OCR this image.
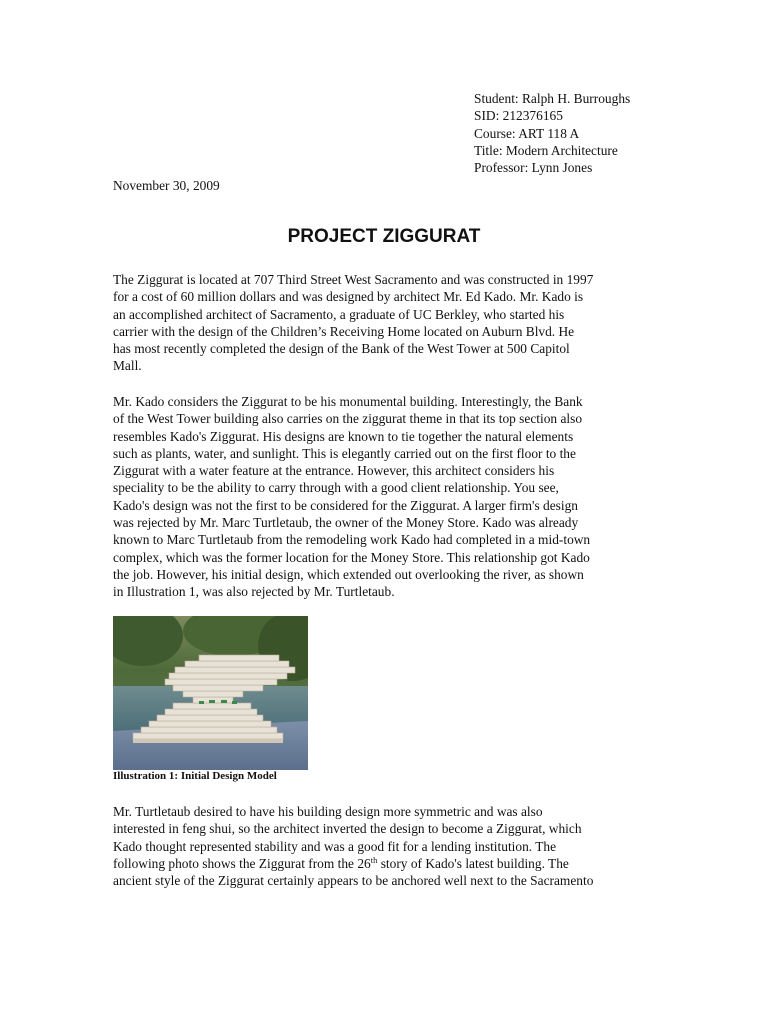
Student: Ralph H. Burroughs
SID: 212376165
Course: ART 118 A
Title: Modern Architecture
Professor: Lynn Jones
November 30, 2009
PROJECT ZIGGURAT
The Ziggurat is located at 707 Third Street West Sacramento and was constructed in 1997
for a cost of 60 million dollars and was designed by architect Mr. Ed Kado. Mr. Kado is
an accomplished architect of Sacramento, a graduate of UC Berkley, who started his
carrier with the design of the Children’s Receiving Home located on Auburn Blvd. He
has most recently completed the design of the Bank of the West Tower at 500 Capitol
Mall.
Mr. Kado considers the Ziggurat to be his monumental building. Interestingly, the Bank
of the West Tower building also carries on the ziggurat theme in that its top section also
resembles Kado's Ziggurat. His designs are known to tie together the natural elements
such as plants, water, and sunlight. This is elegantly carried out on the first floor to the
Ziggurat with a water feature at the entrance. However, this architect considers his
speciality to be the ability to carry through with a good client relationship. You see,
Kado's design was not the first to be considered for the Ziggurat. A larger firm's design
was rejected by Mr. Marc Turtletaub, the owner of the Money Store. Kado was already
known to Marc Turtletaub from the remodeling work Kado had completed in a mid-town
complex, which was the former location for the Money Store. This relationship got Kado
the job. However, his initial design, which extended out overlooking the river, as shown
in Illustration 1, was also rejected by Mr. Turtletaub.
Illustration 1: Initial Design Model
Mr. Turtletaub desired to have his building design more symmetric and was also
interested in feng shui, so the architect inverted the design to become a Ziggurat, which
Kado thought represented stability and was a good fit for a lending institution. The
following photo shows the Ziggurat from the 26th story of Kado's latest building. The
ancient style of the Ziggurat certainly appears to be anchored well next to the Sacramento
